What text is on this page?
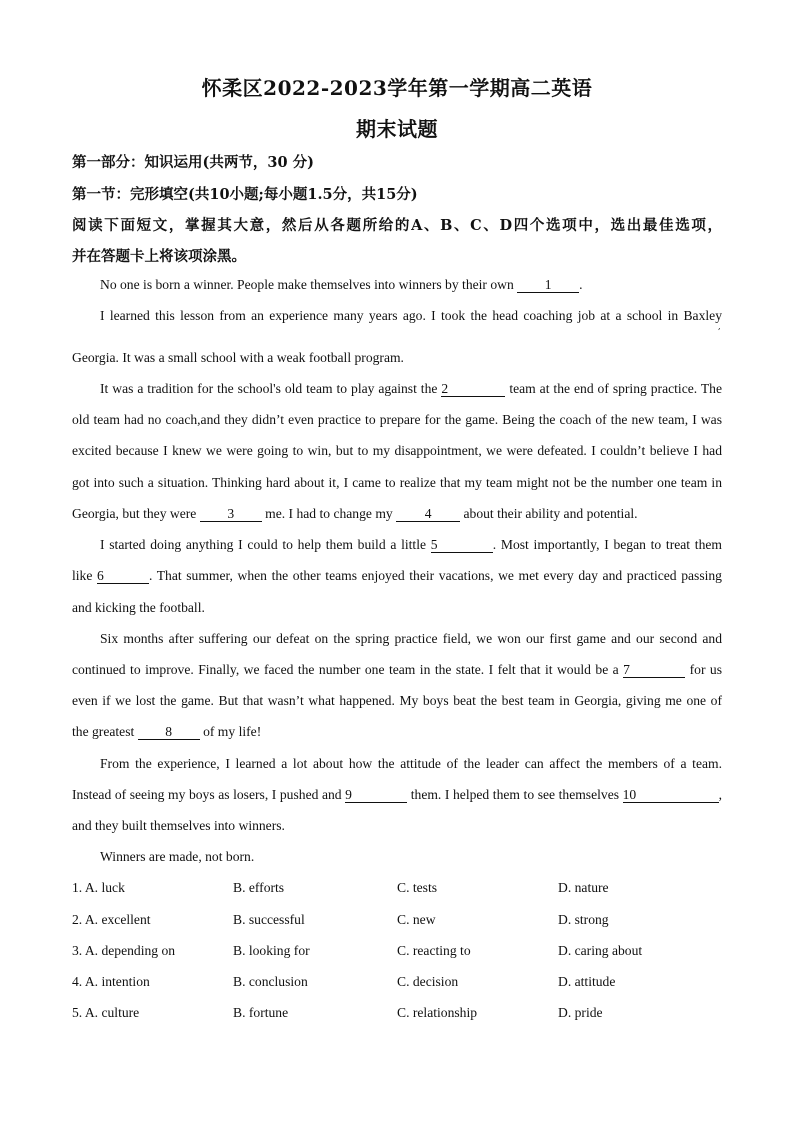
怀柔区2022-2023学年第一学期高二英语
期末试题
第一部分：知识运用(共两节，30 分)
第一节：完形填空(共10小题;每小题1.5分，共15分)
阅读下面短文，掌握其大意，然后从各题所给的A、B、C、D四个选项中，选出最佳选项，
并在答题卡上将该项涂黑。
No one is born a winner. People make themselves into winners by their own 1 .
I learned this lesson from an experience many years ago. I took the head coaching job at a school in Baxley
,
Georgia. It was a small school with a weak football program.
It was a tradition for the school's old team to play against the 2	team at the end of spring practice. The
old team had no coach,and they didn’t even practice to prepare for the game. Being the coach of the new team, I was
excited because I knew we were going to win, but to my disappointment, we were defeated. I couldn’t believe I had
got into such a situation. Thinking hard about it, I came to realize that my team might not be the number one team in
Georgia, but they were 3 me. I had to change my 4 about their ability and potential.
I started doing anything I could to help them build a little 5	. Most importantly, I began to treat them
like 6	. That summer, when the other teams enjoyed their vacations, we met every day and practiced passing
and kicking the football.
Six months after suffering our defeat on the spring practice field, we won our first game and our second and
continued to improve. Finally, we faced the number one team in the state. I felt that it would be a 7	for us
even if we lost the game. But that wasn’t what happened. My boys beat the best team in Georgia, giving me one of
the greatest 8 of my life!
From the experience, I learned a lot about how the attitude of the leader can affect the members of a team.
Instead of seeing my boys as losers, I pushed and 9	them. I helped them to see themselves 10	,
and they built themselves into winners.
Winners are made, not born.
1. A. luck	B. efforts	C. tests	D. nature
2. A. excellent	B. successful	C. new	D. strong
3. A. depending on	B. looking for	C. reacting to	D. caring about
4. A. intention	B. conclusion	C. decision	D. attitude
5. A. culture	B. fortune	C. relationship	D. pride
